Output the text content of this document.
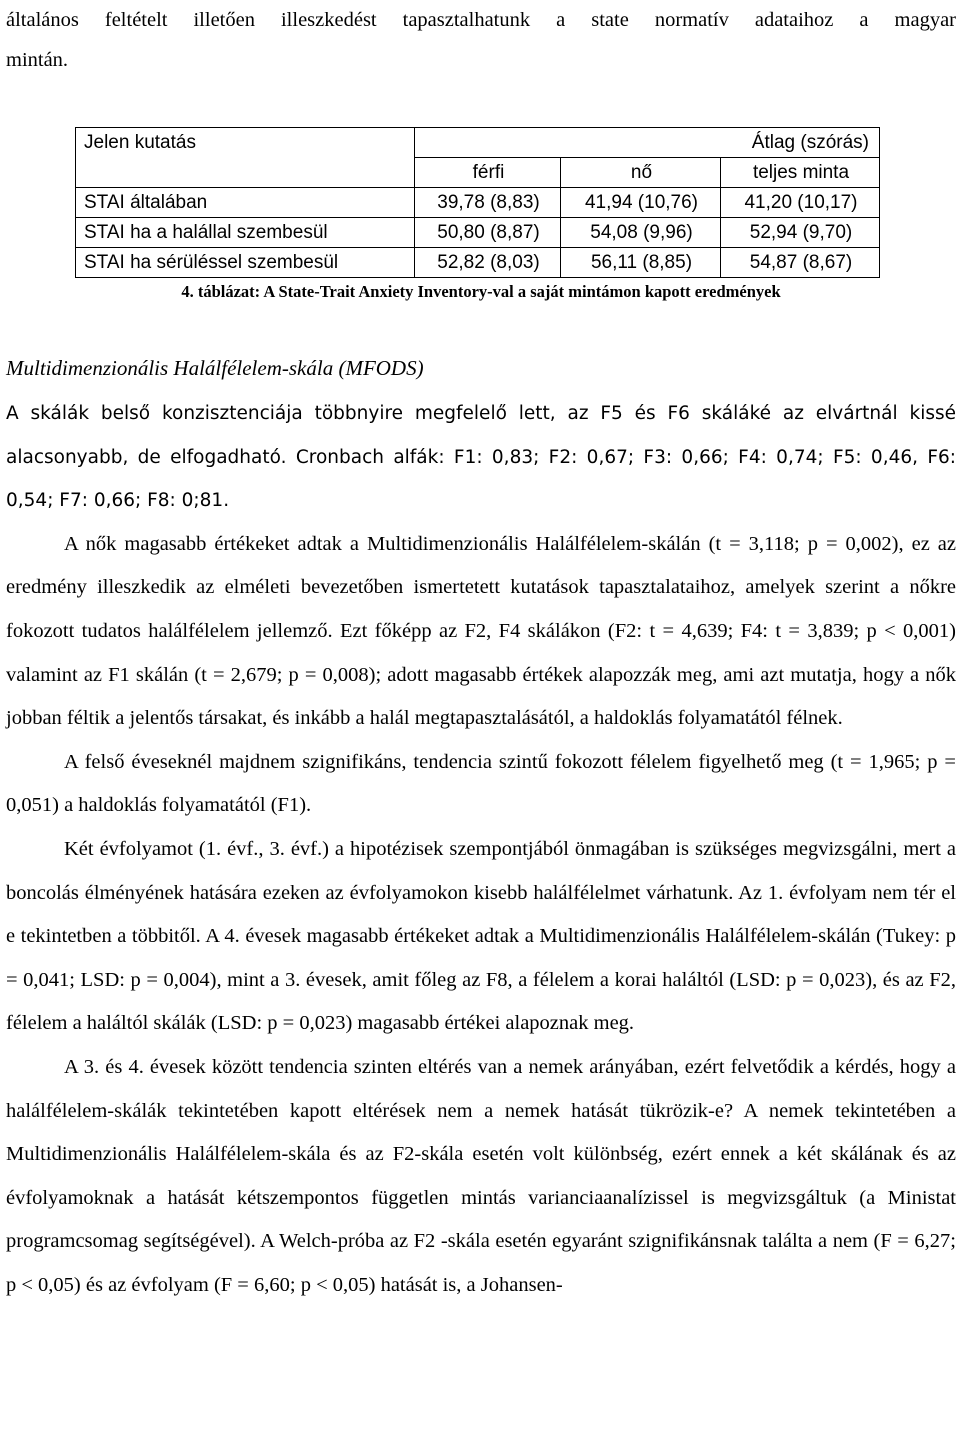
általános feltételt illetően illeszkedést tapasztalhatunk a state normatív adataihoz a magyar

mintán.

Jelen kutatás	Átlag (szórás)		
	férfi	nő	teljes minta
STAI általában	39,78 (8,83)	41,94 (10,76)	41,20 (10,17)
STAI ha a halállal szembesül	50,80 (8,87)	54,08 (9,96)	52,94 (9,70)
STAI ha sérüléssel szembesül	52,82 (8,03)	56,11 (8,85)	54,87 (8,67)
4. táblázat: A State-Trait Anxiety Inventory-val a saját mintámon kapott eredmények
Multidimenzionális Halálfélelem-skála (MFODS)

A skálák belső konzisztenciája többnyire megfelelő lett, az F5 és F6 skáláké az elvártnál kissé alacsonyabb, de elfogadható. Cronbach alfák: F1: 0,83; F2: 0,67; F3: 0,66; F4: 0,74; F5: 0,46, F6: 0,54; F7: 0,66; F8: 0;81.

A nők magasabb értékeket adtak a Multidimenzionális Halálfélelem-skálán (t = 3,118; p = 0,002), ez az eredmény illeszkedik az elméleti bevezetőben ismertetett kutatások tapasztalataihoz, amelyek szerint a nőkre fokozott tudatos halálfélelem jellemző. Ezt főképp az F2, F4 skálákon (F2: t = 4,639; F4: t = 3,839; p < 0,001) valamint az F1 skálán (t = 2,679; p = 0,008); adott magasabb értékek alapozzák meg, ami azt mutatja, hogy a nők jobban féltik a jelentős társakat, és inkább a halál megtapasztalásától, a haldoklás folyamatától félnek.

A felső éveseknél majdnem szignifikáns, tendencia szintű fokozott félelem figyelhető meg (t = 1,965; p = 0,051) a haldoklás folyamatától (F1).

Két évfolyamot (1. évf., 3. évf.) a hipotézisek szempontjából önmagában is szükséges megvizsgálni, mert a boncolás élményének hatására ezeken az évfolyamokon kisebb halálfélelmet várhatunk. Az 1. évfolyam nem tér el e tekintetben a többitől. A 4. évesek magasabb értékeket adtak a Multidimenzionális Halálfélelem-skálán (Tukey: p = 0,041; LSD: p = 0,004), mint a 3. évesek, amit főleg az F8, a félelem a korai haláltól (LSD: p = 0,023), és az F2, félelem a haláltól skálák (LSD: p = 0,023) magasabb értékei alapoznak meg.

A 3. és 4. évesek között tendencia szinten eltérés van a nemek arányában, ezért felvetődik a kérdés, hogy a halálfélelem-skálák tekintetében kapott eltérések nem a nemek hatását tükrözik-e? A nemek tekintetében a Multidimenzionális Halálfélelem-skála és az F2-skála esetén volt különbség, ezért ennek a két skálának és az évfolyamoknak a hatását kétszempontos független mintás varianciaanalízissel is megvizsgáltuk (a Ministat programcsomag segítségével). A Welch-próba az F2 -skála esetén egyaránt szignifikánsnak találta a nem (F = 6,27; p < 0,05) és az évfolyam (F = 6,60; p < 0,05) hatását is, a Johansen-
